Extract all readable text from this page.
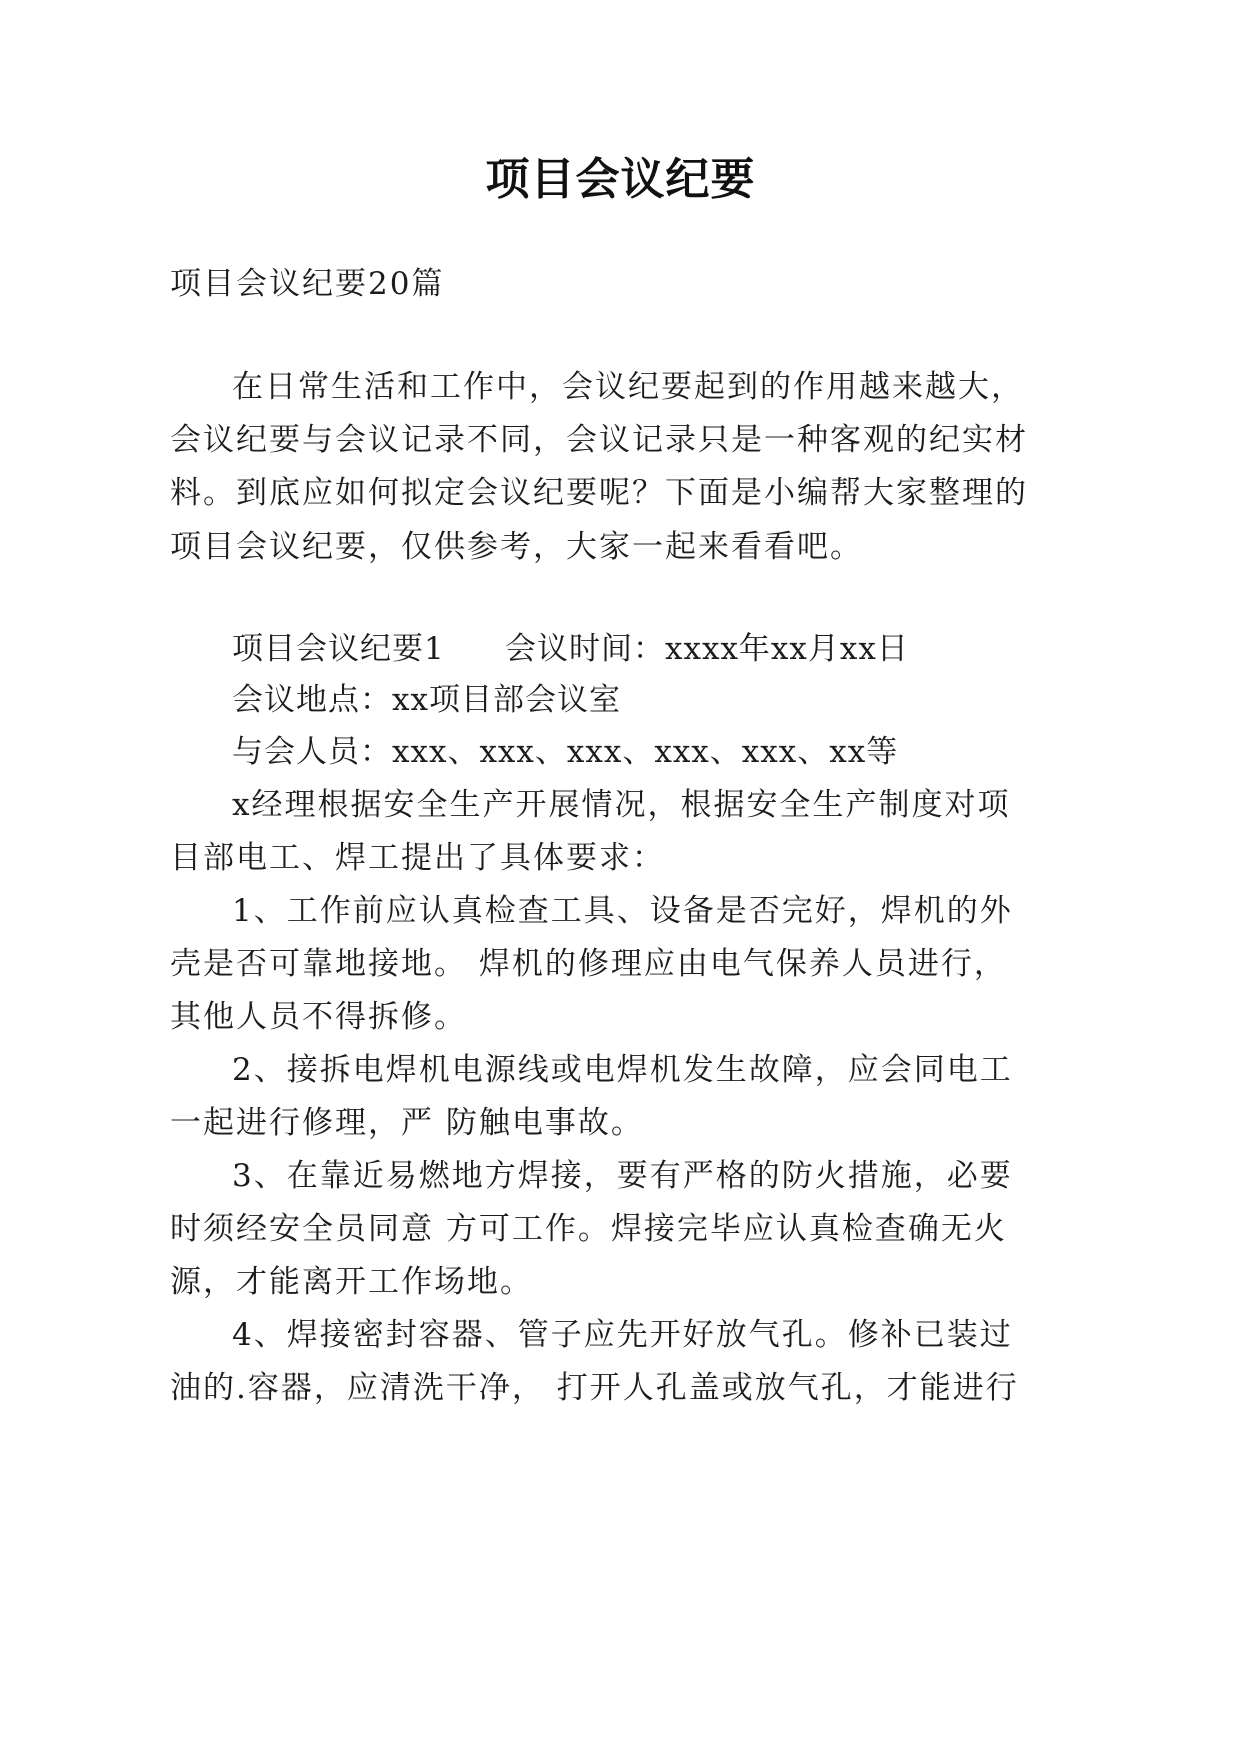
项目会议纪要
项目会议纪要20篇
在日常生活和工作中，会议纪要起到的作用越来越大，
会议纪要与会议记录不同，会议记录只是一种客观的纪实材
料。到底应如何拟定会议纪要呢？下面是小编帮大家整理的
项目会议纪要，仅供参考，大家一起来看看吧。
项目会议纪要1 会议时间：xxxx年xx月xx日
会议地点：xx项目部会议室
与会人员：xxx、xxx、xxx、xxx、xxx、xx等
x经理根据安全生产开展情况，根据安全生产制度对项
目部电工、焊工提出了具体要求：
1、工作前应认真检查工具、设备是否完好，焊机的外
壳是否可靠地接地。 焊机的修理应由电气保养人员进行，
其他人员不得拆修。
2、接拆电焊机电源线或电焊机发生故障，应会同电工
一起进行修理，严 防触电事故。
3、在靠近易燃地方焊接，要有严格的防火措施，必要
时须经安全员同意 方可工作。焊接完毕应认真检查确无火
源，才能离开工作场地。
4、焊接密封容器、管子应先开好放气孔。修补已装过
油的.容器，应清洗干净， 打开人孔盖或放气孔，才能进行
